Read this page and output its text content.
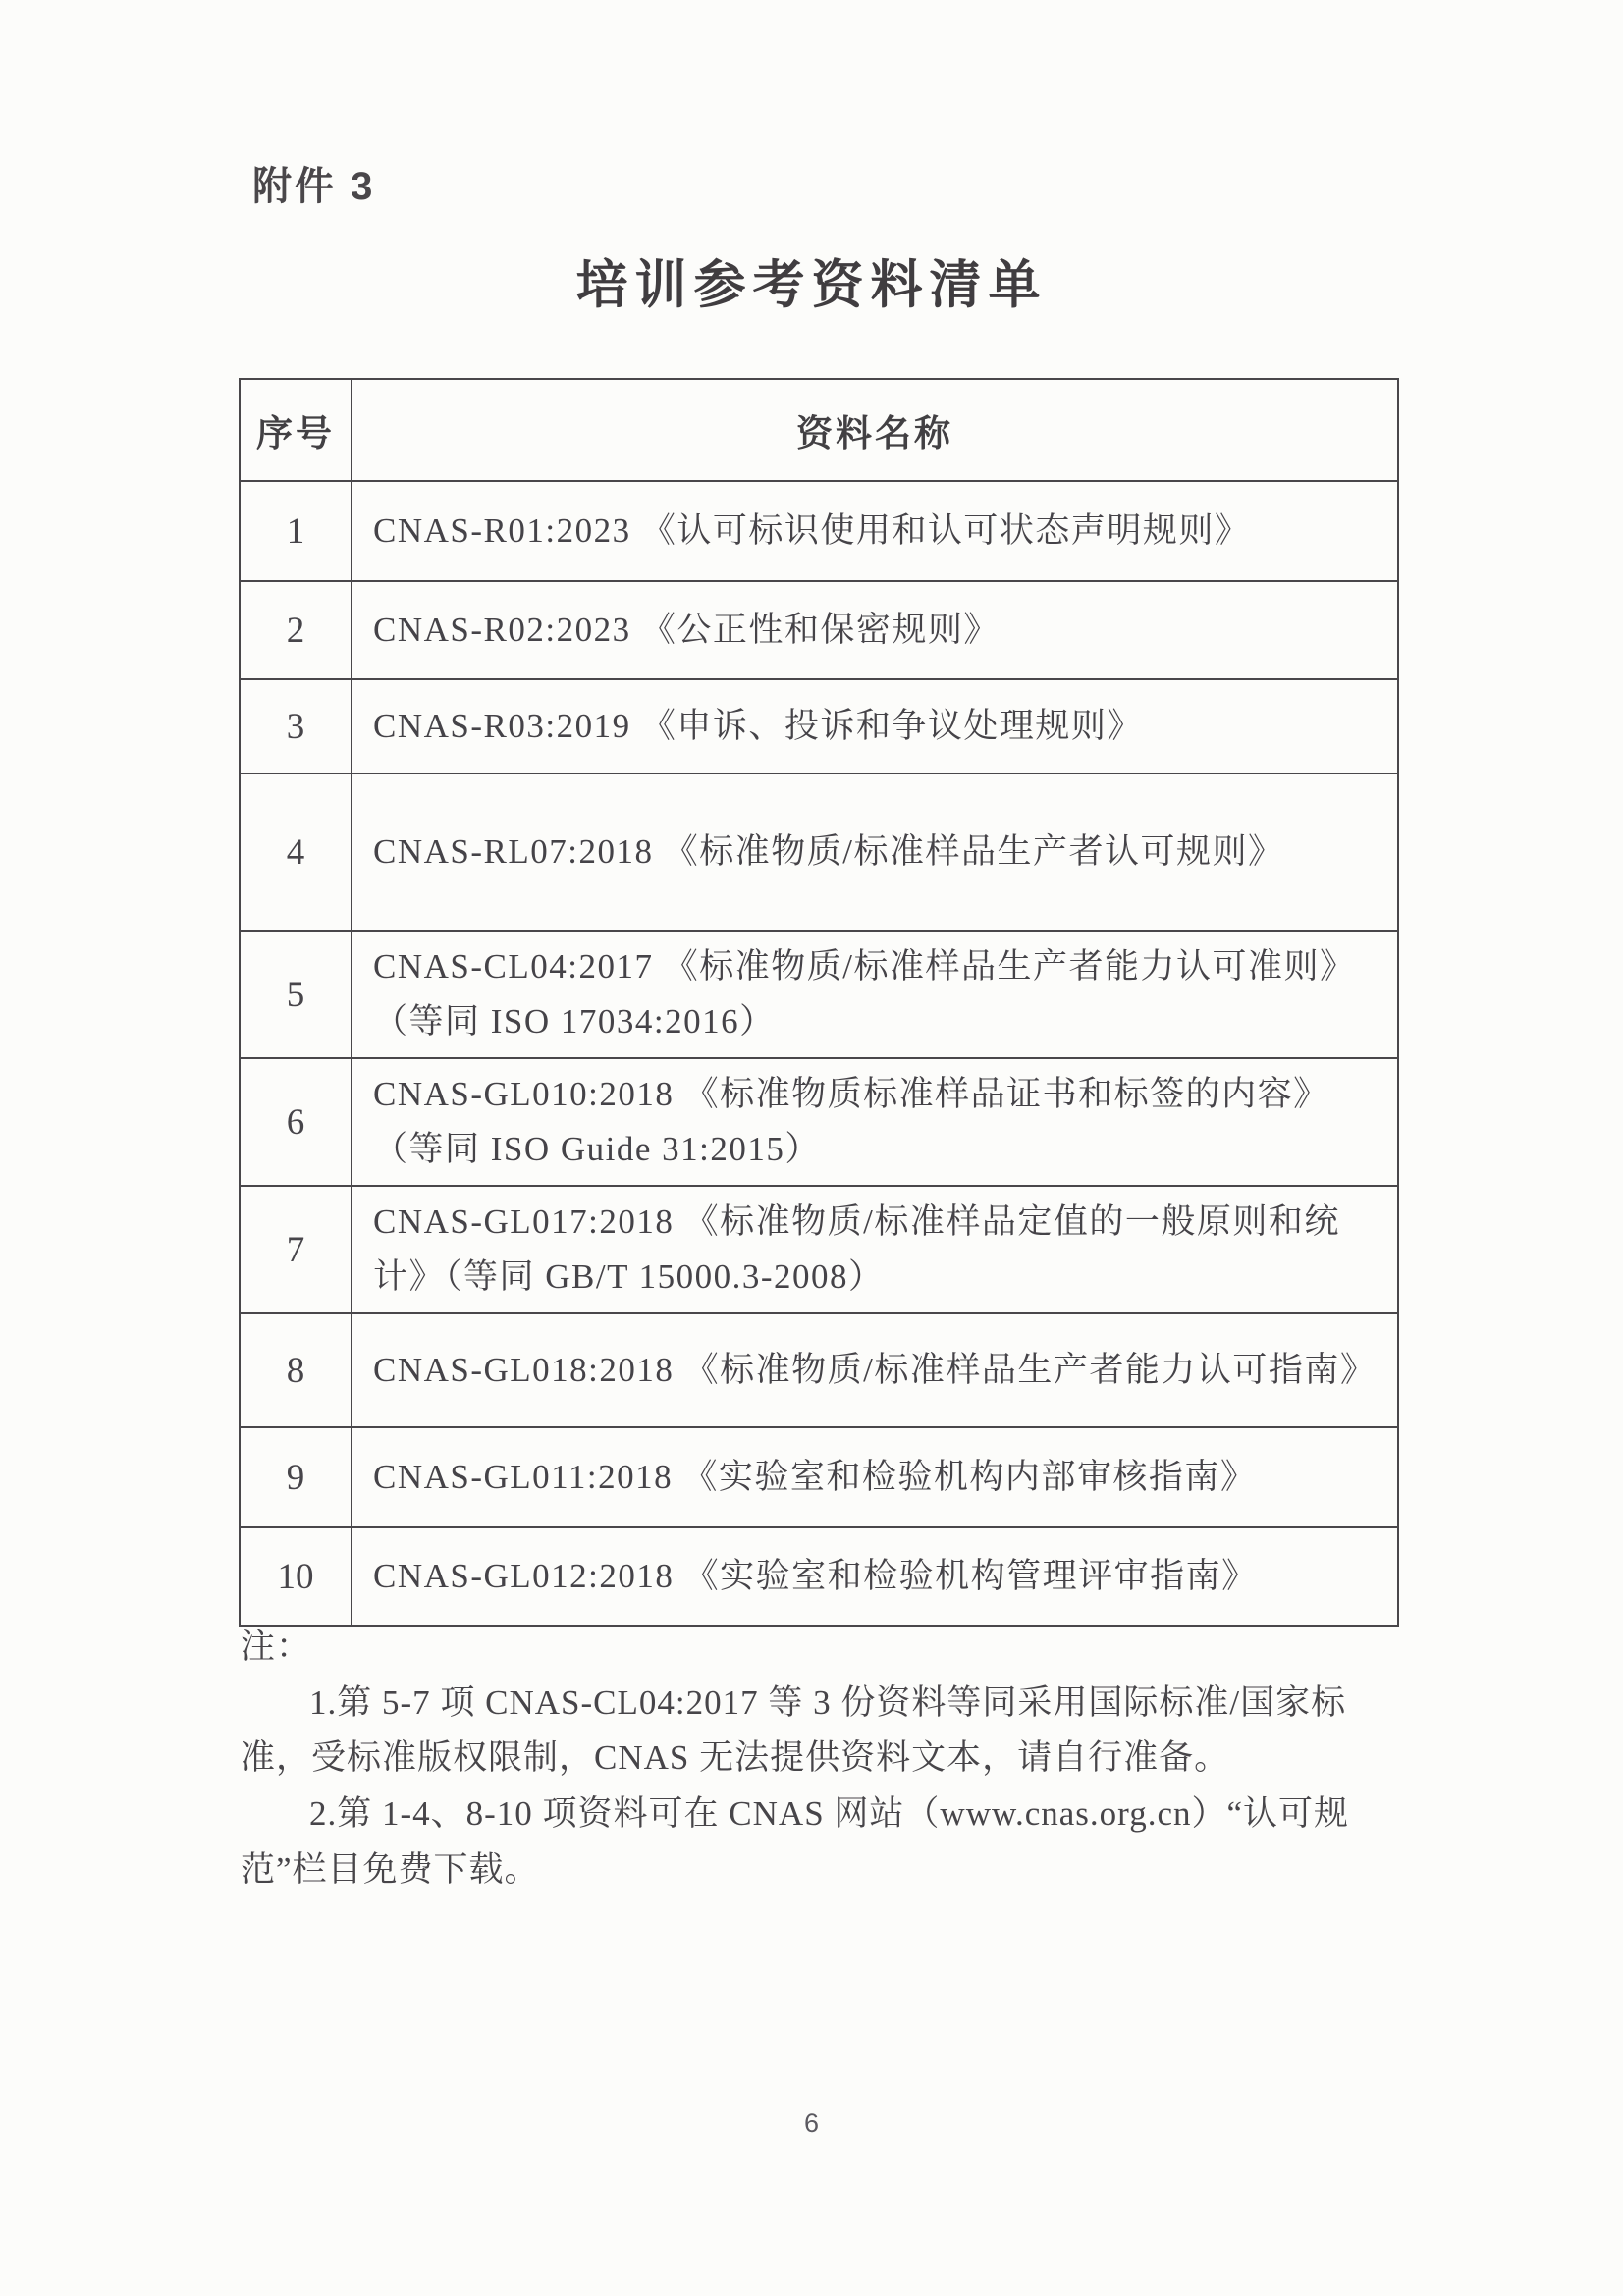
附件 3
培训参考资料清单
序号	资料名称
1	CNAS-R01:2023 《认可标识使用和认可状态声明规则》
2	CNAS-R02:2023 《公正性和保密规则》
3	CNAS-R03:2019 《申诉、投诉和争议处理规则》
4	CNAS-RL07:2018 《标准物质/标准样品生产者认可规则》
5	CNAS-CL04:2017 《标准物质/标准样品生产者能力认可准则》（等同 ISO 17034:2016）
6	CNAS-GL010:2018 《标准物质标准样品证书和标签的内容》（等同 ISO Guide 31:2015）
7	CNAS-GL017:2018 《标准物质/标准样品定值的一般原则和统计》（等同 GB/T 15000.3-2008）
8	CNAS-GL018:2018 《标准物质/标准样品生产者能力认可指南》
9	CNAS-GL011:2018 《实验室和检验机构内部审核指南》
10	CNAS-GL012:2018 《实验室和检验机构管理评审指南》

注：

1.第 5-7 项 CNAS-CL04:2017 等 3 份资料等同采用国际标准/国家标准，受标准版权限制，CNAS 无法提供资料文本，请自行准备。

2.第 1-4、8-10 项资料可在 CNAS 网站（www.cnas.org.cn）“认可规范”栏目免费下载。

6
